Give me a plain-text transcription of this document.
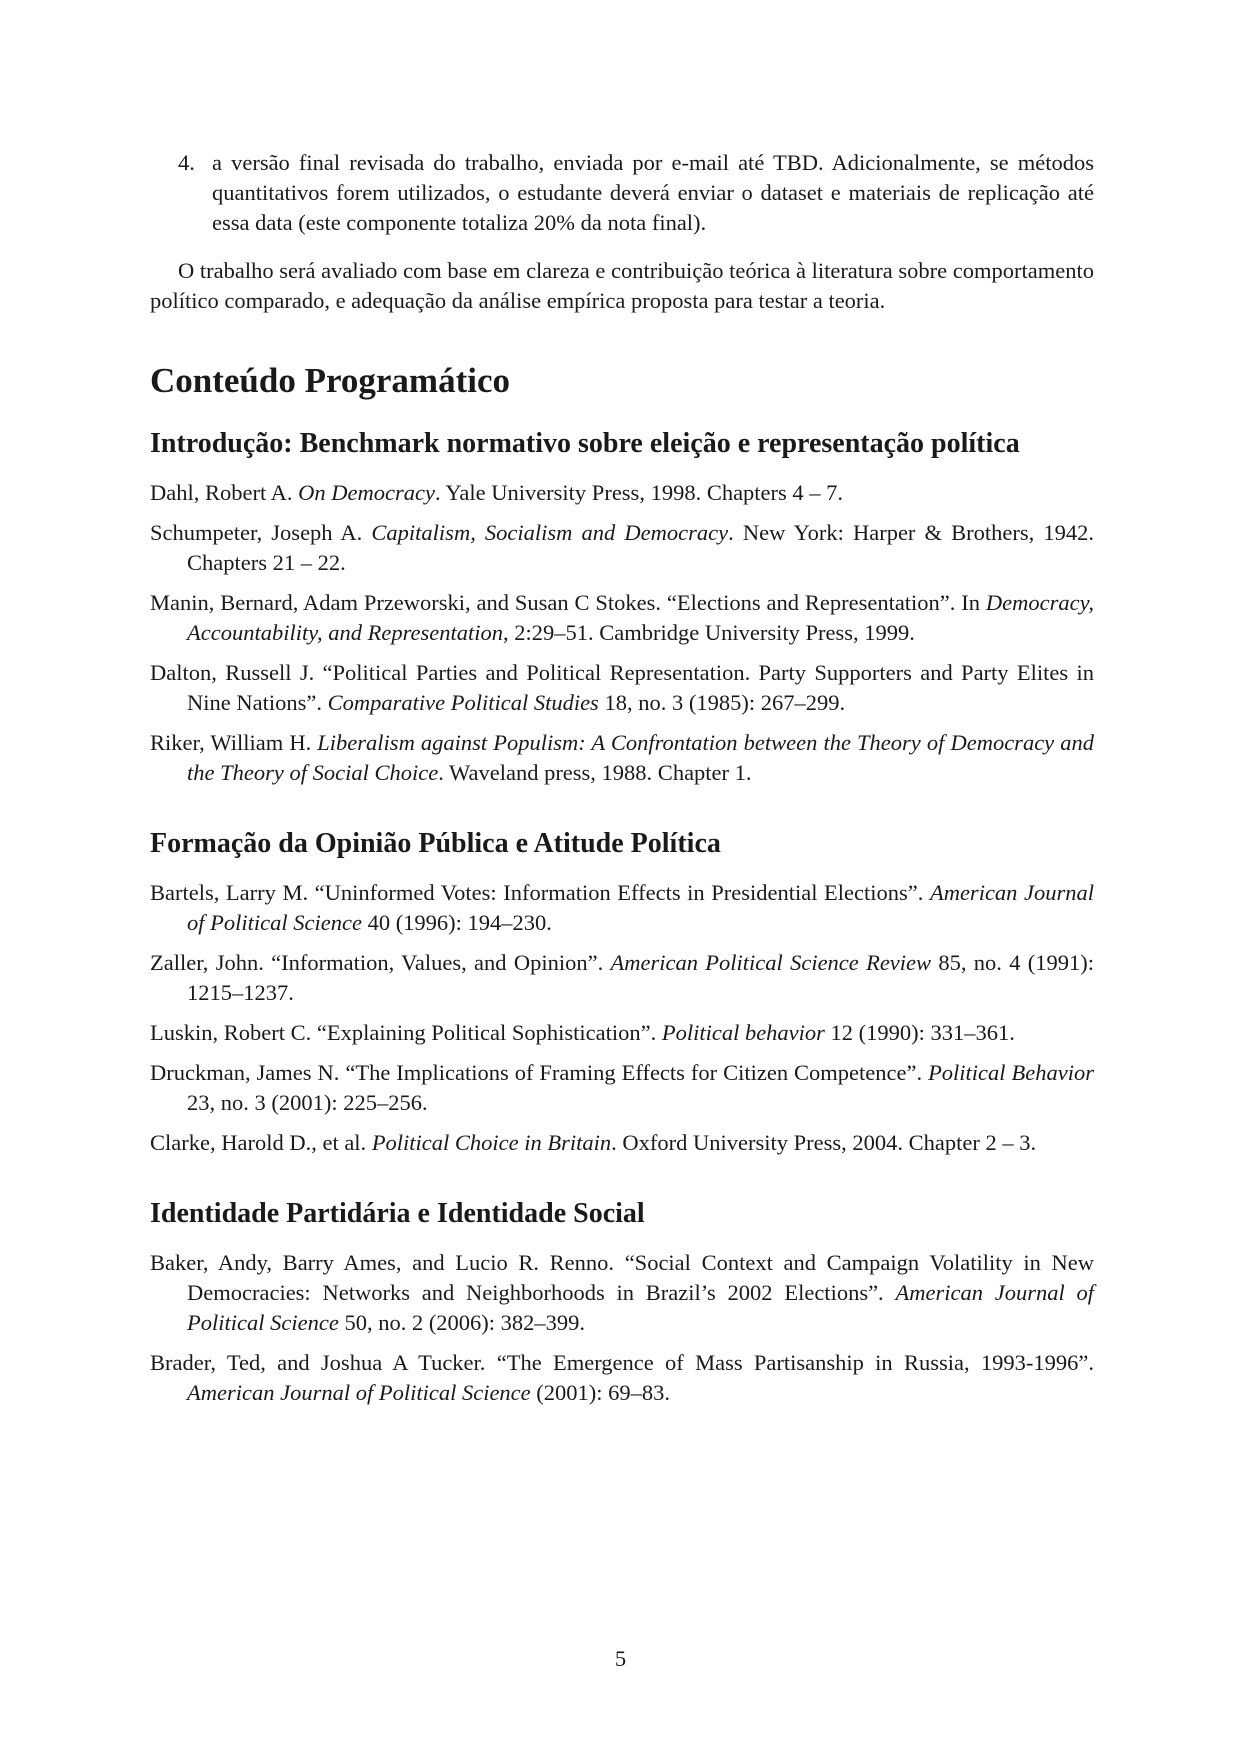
4. a versão final revisada do trabalho, enviada por e-mail até TBD. Adicionalmente, se métodos quantitativos forem utilizados, o estudante deverá enviar o dataset e materiais de replicação até essa data (este componente totaliza 20% da nota final).

O trabalho será avaliado com base em clareza e contribuição teórica à literatura sobre comportamento político comparado, e adequação da análise empírica proposta para testar a teoria.

Conteúdo Programático
Introdução: Benchmark normativo sobre eleição e representação política

Dahl, Robert A. On Democracy. Yale University Press, 1998. Chapters 4 – 7.

Schumpeter, Joseph A. Capitalism, Socialism and Democracy. New York: Harper & Brothers, 1942. Chapters 21 – 22.

Manin, Bernard, Adam Przeworski, and Susan C Stokes. “Elections and Representation”. In Democracy, Accountability, and Representation, 2:29–51. Cambridge University Press, 1999.

Dalton, Russell J. “Political Parties and Political Representation. Party Supporters and Party Elites in Nine Nations”. Comparative Political Studies 18, no. 3 (1985): 267–299.

Riker, William H. Liberalism against Populism: A Confrontation between the Theory of Democracy and the Theory of Social Choice. Waveland press, 1988. Chapter 1.

Formação da Opinião Pública e Atitude Política

Bartels, Larry M. “Uninformed Votes: Information Effects in Presidential Elections”. American Journal of Political Science 40 (1996): 194–230.

Zaller, John. “Information, Values, and Opinion”. American Political Science Review 85, no. 4 (1991): 1215–1237.

Luskin, Robert C. “Explaining Political Sophistication”. Political behavior 12 (1990): 331–361.

Druckman, James N. “The Implications of Framing Effects for Citizen Competence”. Political Behavior 23, no. 3 (2001): 225–256.

Clarke, Harold D., et al. Political Choice in Britain. Oxford University Press, 2004. Chapter 2 – 3.

Identidade Partidária e Identidade Social

Baker, Andy, Barry Ames, and Lucio R. Renno. “Social Context and Campaign Volatility in New Democracies: Networks and Neighborhoods in Brazil’s 2002 Elections”. American Journal of Political Science 50, no. 2 (2006): 382–399.

Brader, Ted, and Joshua A Tucker. “The Emergence of Mass Partisanship in Russia, 1993-1996”. American Journal of Political Science (2001): 69–83.

5
